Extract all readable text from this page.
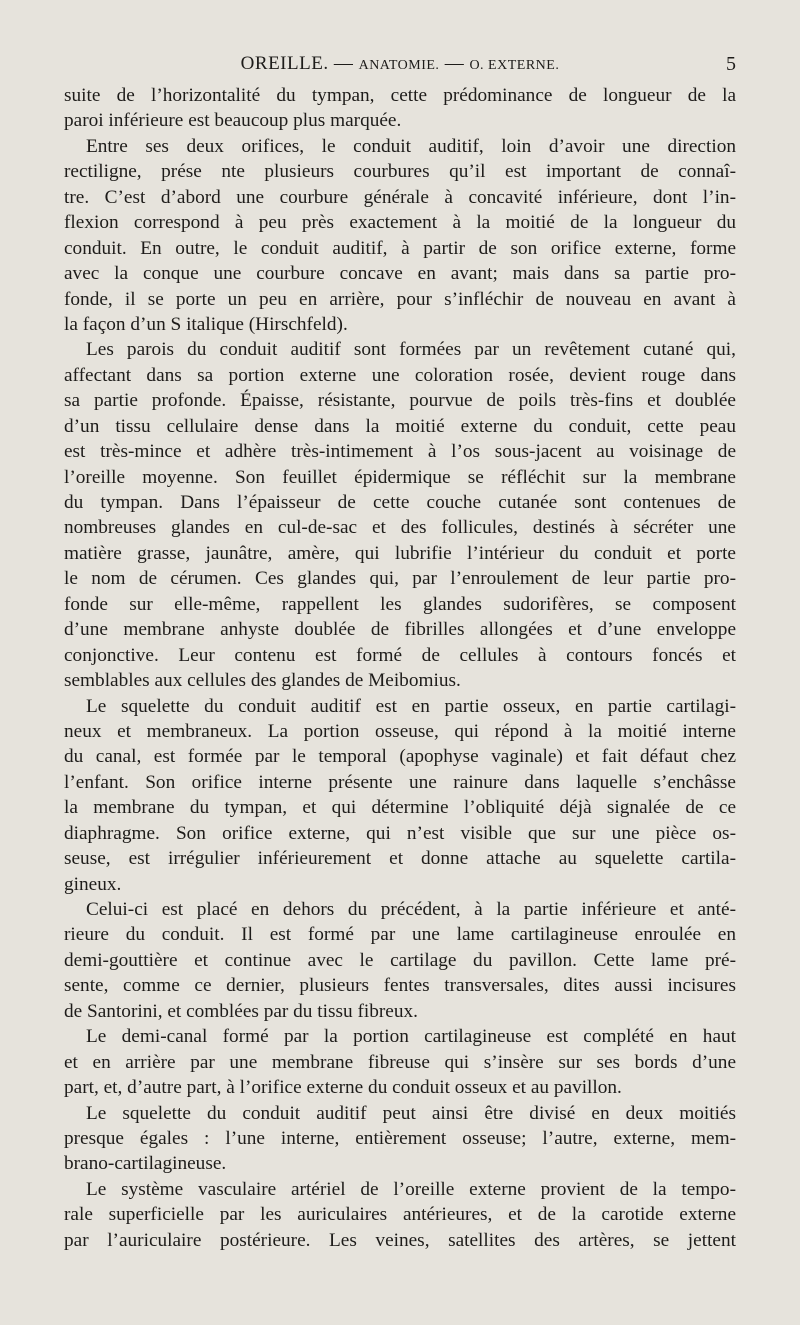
OREILLE. — ANATOMIE. — O. EXTERNE.	5
suite de l’horizontalité du tympan, cette prédominance de longueur de la
paroi inférieure est beaucoup plus marquée.
Entre ses deux orifices, le conduit auditif, loin d’avoir une direction
rectiligne, prése nte plusieurs courbures qu’il est important de connaî-
tre. C’est d’abord une courbure générale à concavité inférieure, dont l’in-
flexion correspond à peu près exactement à la moitié de la longueur du
conduit. En outre, le conduit auditif, à partir de son orifice externe, forme
avec la conque une courbure concave en avant; mais dans sa partie pro-
fonde, il se porte un peu en arrière, pour s’infléchir de nouveau en avant à
la façon d’un S italique (Hirschfeld).
Les parois du conduit auditif sont formées par un revêtement cutané qui,
affectant dans sa portion externe une coloration rosée, devient rouge dans
sa partie profonde. Épaisse, résistante, pourvue de poils très-fins et doublée
d’un tissu cellulaire dense dans la moitié externe du conduit, cette peau
est très-mince et adhère très-intimement à l’os sous-jacent au voisinage de
l’oreille moyenne. Son feuillet épidermique se réfléchit sur la membrane
du tympan. Dans l’épaisseur de cette couche cutanée sont contenues de
nombreuses glandes en cul-de-sac et des follicules, destinés à sécréter une
matière grasse, jaunâtre, amère, qui lubrifie l’intérieur du conduit et porte
le nom de cérumen. Ces glandes qui, par l’enroulement de leur partie pro-
fonde sur elle-même, rappellent les glandes sudorifères, se composent
d’une membrane anhyste doublée de fibrilles allongées et d’une enveloppe
conjonctive. Leur contenu est formé de cellules à contours foncés et
semblables aux cellules des glandes de Meibomius.
Le squelette du conduit auditif est en partie osseux, en partie cartilagi-
neux et membraneux. La portion osseuse, qui répond à la moitié interne
du canal, est formée par le temporal (apophyse vaginale) et fait défaut chez
l’enfant. Son orifice interne présente une rainure dans laquelle s’enchâsse
la membrane du tympan, et qui détermine l’obliquité déjà signalée de ce
diaphragme. Son orifice externe, qui n’est visible que sur une pièce os-
seuse, est irrégulier inférieurement et donne attache au squelette cartila-
gineux.
Celui-ci est placé en dehors du précédent, à la partie inférieure et anté-
rieure du conduit. Il est formé par une lame cartilagineuse enroulée en
demi-gouttière et continue avec le cartilage du pavillon. Cette lame pré-
sente, comme ce dernier, plusieurs fentes transversales, dites aussi incisures
de Santorini, et comblées par du tissu fibreux.
Le demi-canal formé par la portion cartilagineuse est complété en haut
et en arrière par une membrane fibreuse qui s’insère sur ses bords d’une
part, et, d’autre part, à l’orifice externe du conduit osseux et au pavillon.
Le squelette du conduit auditif peut ainsi être divisé en deux moitiés
presque égales : l’une interne, entièrement osseuse; l’autre, externe, mem-
brano-cartilagineuse.
Le système vasculaire artériel de l’oreille externe provient de la tempo-
rale superficielle par les auriculaires antérieures, et de la carotide externe
par l’auriculaire postérieure. Les veines, satellites des artères, se jettent
